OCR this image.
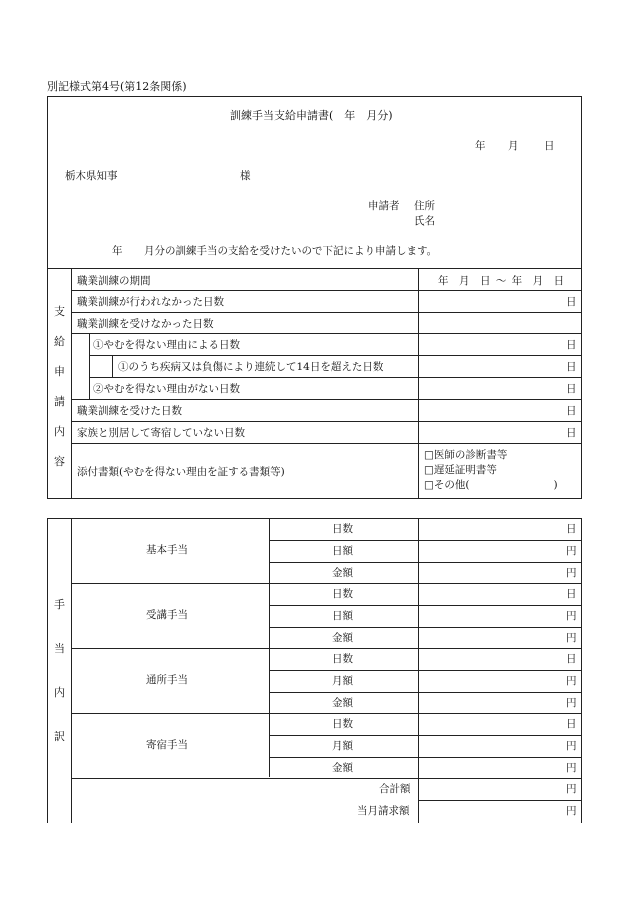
別記様式第4号(第12条関係)
訓練手当支給申請書(　年　月分)
年 月 日
栃木県知事	様
申請者 住所
氏名
年 月分の訓練手当の支給を受けたいので下記により申請します。
支
給
申
請
内
容
職業訓練の期間	年　月　日 ～ 年　月　日
職業訓練が行われなかった日数	日
職業訓練を受けなかった日数
①やむを得ない理由による日数	日
①のうち疾病又は負傷により連続して14日を超えた日数	日
②やむを得ない理由がない日数	日
職業訓練を受けた日数	日
家族と別居して寄宿していない日数	日
添付書類(やむを得ない理由を証する書類等)
□医師の診断書等
□遅延証明書等
□その他(　　　　　　　　)
手
当
内
訳
基本手当
日数	日
日額	円
金額	円
受講手当
日数	日
日額	円
金額	円
通所手当
日数	日
月額	円
金額	円
寄宿手当
日数	日
月額	円
金額	円
合計額	円
当月請求額	円
